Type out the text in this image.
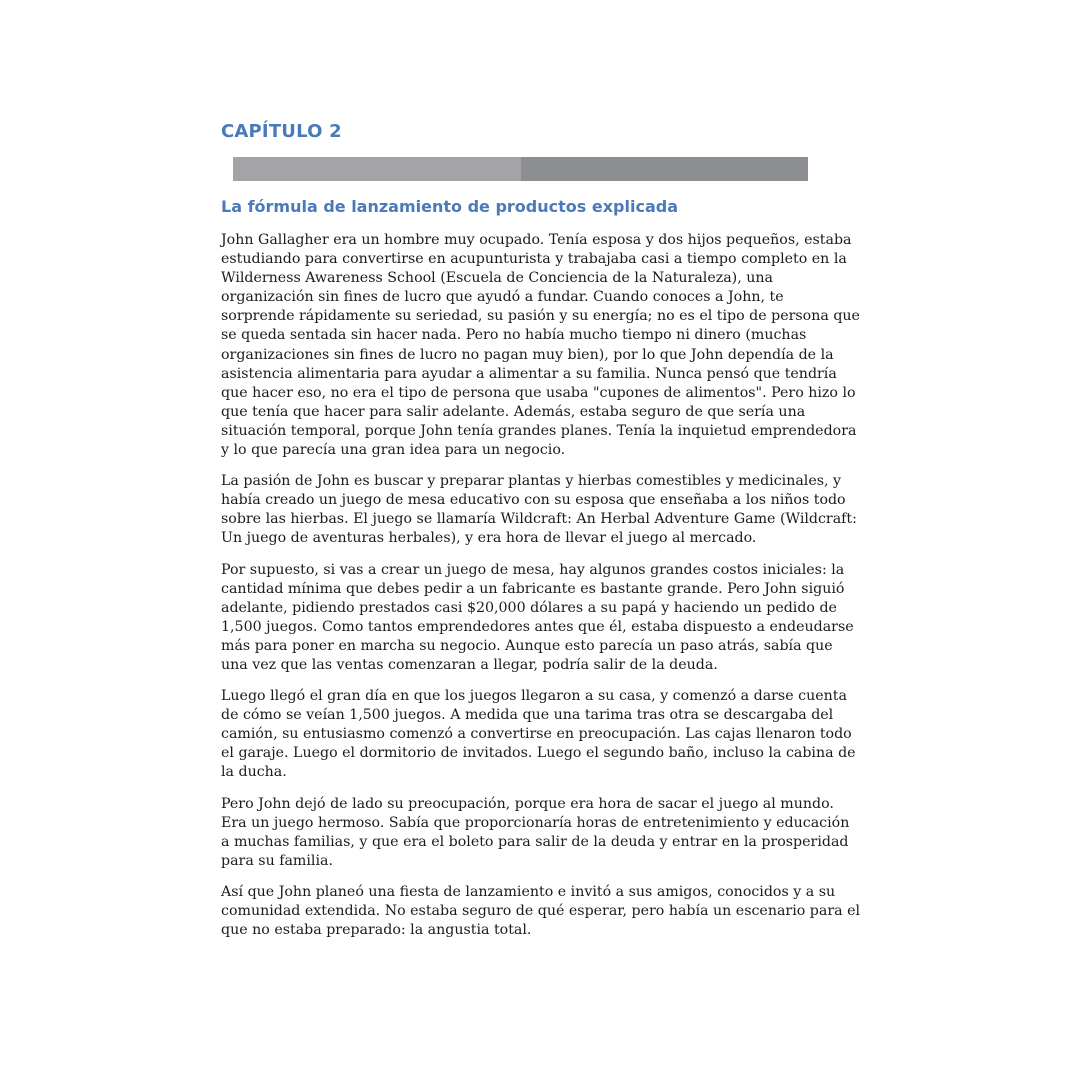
CAPÍTULO 2
La fórmula de lanzamiento de productos explicada

John Gallagher era un hombre muy ocupado. Tenía esposa y dos hijos pequeños, estaba estudiando para convertirse en acupunturista y trabajaba casi a tiempo completo en la Wilderness Awareness School (Escuela de Conciencia de la Naturaleza), una organización sin fines de lucro que ayudó a fundar. Cuando conoces a John, te sorprende rápidamente su seriedad, su pasión y su energía; no es el tipo de persona que se queda sentada sin hacer nada. Pero no había mucho tiempo ni dinero (muchas organizaciones sin fines de lucro no pagan muy bien), por lo que John dependía de la asistencia alimentaria para ayudar a alimentar a su familia. Nunca pensó que tendría que hacer eso, no era el tipo de persona que usaba "cupones de alimentos". Pero hizo lo que tenía que hacer para salir adelante. Además, estaba seguro de que sería una situación temporal, porque John tenía grandes planes. Tenía la inquietud emprendedora y lo que parecía una gran idea para un negocio.

La pasión de John es buscar y preparar plantas y hierbas comestibles y medicinales, y había creado un juego de mesa educativo con su esposa que enseñaba a los niños todo sobre las hierbas. El juego se llamaría Wildcraft: An Herbal Adventure Game (Wildcraft: Un juego de aventuras herbales), y era hora de llevar el juego al mercado.

Por supuesto, si vas a crear un juego de mesa, hay algunos grandes costos iniciales: la cantidad mínima que debes pedir a un fabricante es bastante grande. Pero John siguió adelante, pidiendo prestados casi $20,000 dólares a su papá y haciendo un pedido de 1,500 juegos. Como tantos emprendedores antes que él, estaba dispuesto a endeudarse más para poner en marcha su negocio. Aunque esto parecía un paso atrás, sabía que una vez que las ventas comenzaran a llegar, podría salir de la deuda.

Luego llegó el gran día en que los juegos llegaron a su casa, y comenzó a darse cuenta de cómo se veían 1,500 juegos. A medida que una tarima tras otra se descargaba del camión, su entusiasmo comenzó a convertirse en preocupación. Las cajas llenaron todo el garaje. Luego el dormitorio de invitados. Luego el segundo baño, incluso la cabina de la ducha.

Pero John dejó de lado su preocupación, porque era hora de sacar el juego al mundo. Era un juego hermoso. Sabía que proporcionaría horas de entretenimiento y educación a muchas familias, y que era el boleto para salir de la deuda y entrar en la prosperidad para su familia.

Así que John planeó una fiesta de lanzamiento e invitó a sus amigos, conocidos y a su comunidad extendida. No estaba seguro de qué esperar, pero había un escenario para el que no estaba preparado: la angustia total.
